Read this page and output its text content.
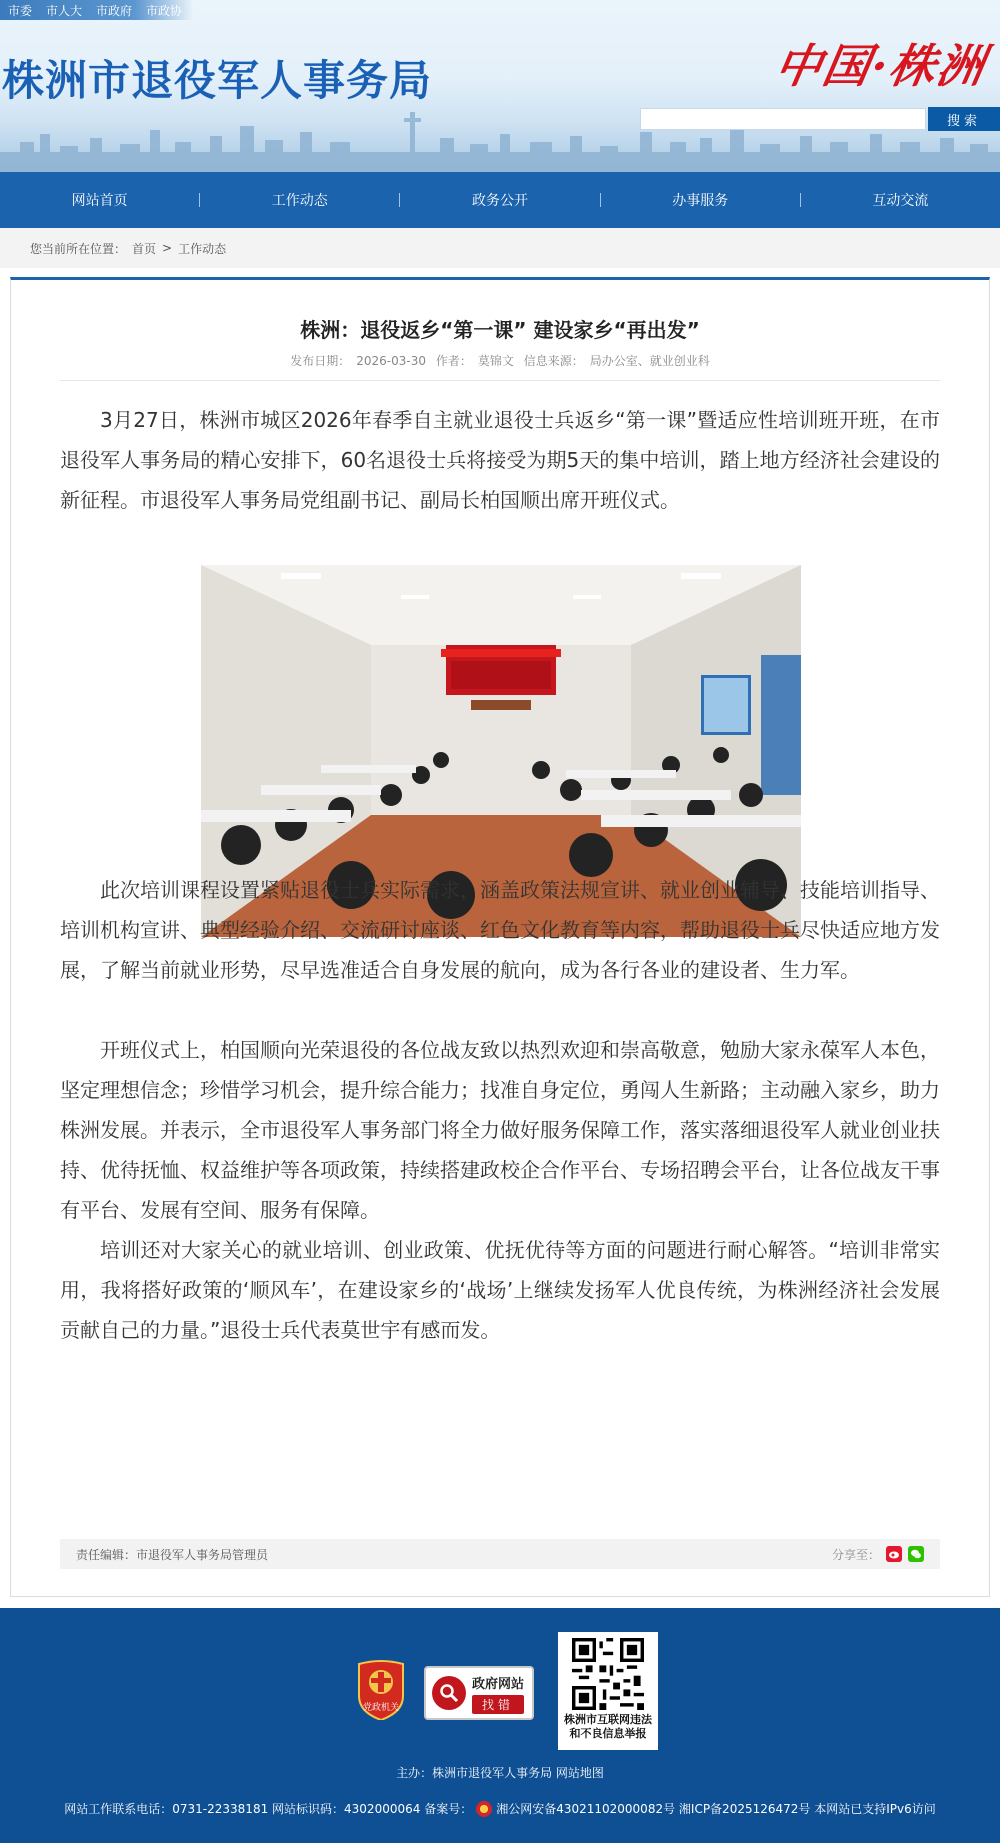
市委 市人大 市政府 市政协
株洲市退役军人事务局	中国·株洲
搜索
网站首页	工作动态	政务公开	办事服务	互动交流
您当前所在位置： 首页 > 工作动态
株洲：退役返乡“第一课” 建设家乡“再出发”
发布日期： 2026-03-30 作者： 莫锦文 信息来源： 局办公室、就业创业科
3月27日，株洲市城区2026年春季自主就业退役士兵返乡“第一课”暨适应性培训班开班，在市退役军人事务局的精心安排下，60名退役士兵将接受为期5天的集中培训，踏上地方经济社会建设的新征程。市退役军人事务局党组副书记、副局长柏国顺出席开班仪式。
此次培训课程设置紧贴退役士兵实际需求，涵盖政策法规宣讲、就业创业辅导、技能培训指导、培训机构宣讲、典型经验介绍、交流研讨座谈、红色文化教育等内容，帮助退役士兵尽快适应地方发展，了解当前就业形势，尽早选准适合自身发展的航向，成为各行各业的建设者、生力军。
开班仪式上，柏国顺向光荣退役的各位战友致以热烈欢迎和崇高敬意，勉励大家永葆军人本色，坚定理想信念；珍惜学习机会，提升综合能力；找准自身定位，勇闯人生新路；主动融入家乡，助力株洲发展。并表示，全市退役军人事务部门将全力做好服务保障工作，落实落细退役军人就业创业扶持、优待抚恤、权益维护等各项政策，持续搭建政校企合作平台、专场招聘会平台，让各位战友干事有平台、发展有空间、服务有保障。
培训还对大家关心的就业培训、创业政策、优抚优待等方面的问题进行耐心解答。“培训非常实用，我将搭好政策的‘顺风车’，在建设家乡的‘战场’上继续发扬军人优良传统，为株洲经济社会发展贡献自己的力量。”退役士兵代表莫世宇有感而发。
责任编辑：市退役军人事务局管理员	分享至：
党政机关
政府网站
找错
株洲市互联网违法
和不良信息举报
主办：株洲市退役军人事务局 网站地图
网站工作联系电话：0731-22338181 网站标识码：4302000064 备案号： 湘公网安备43021102000082号 湘ICP备2025126472号 本网站已支持IPv6访问
